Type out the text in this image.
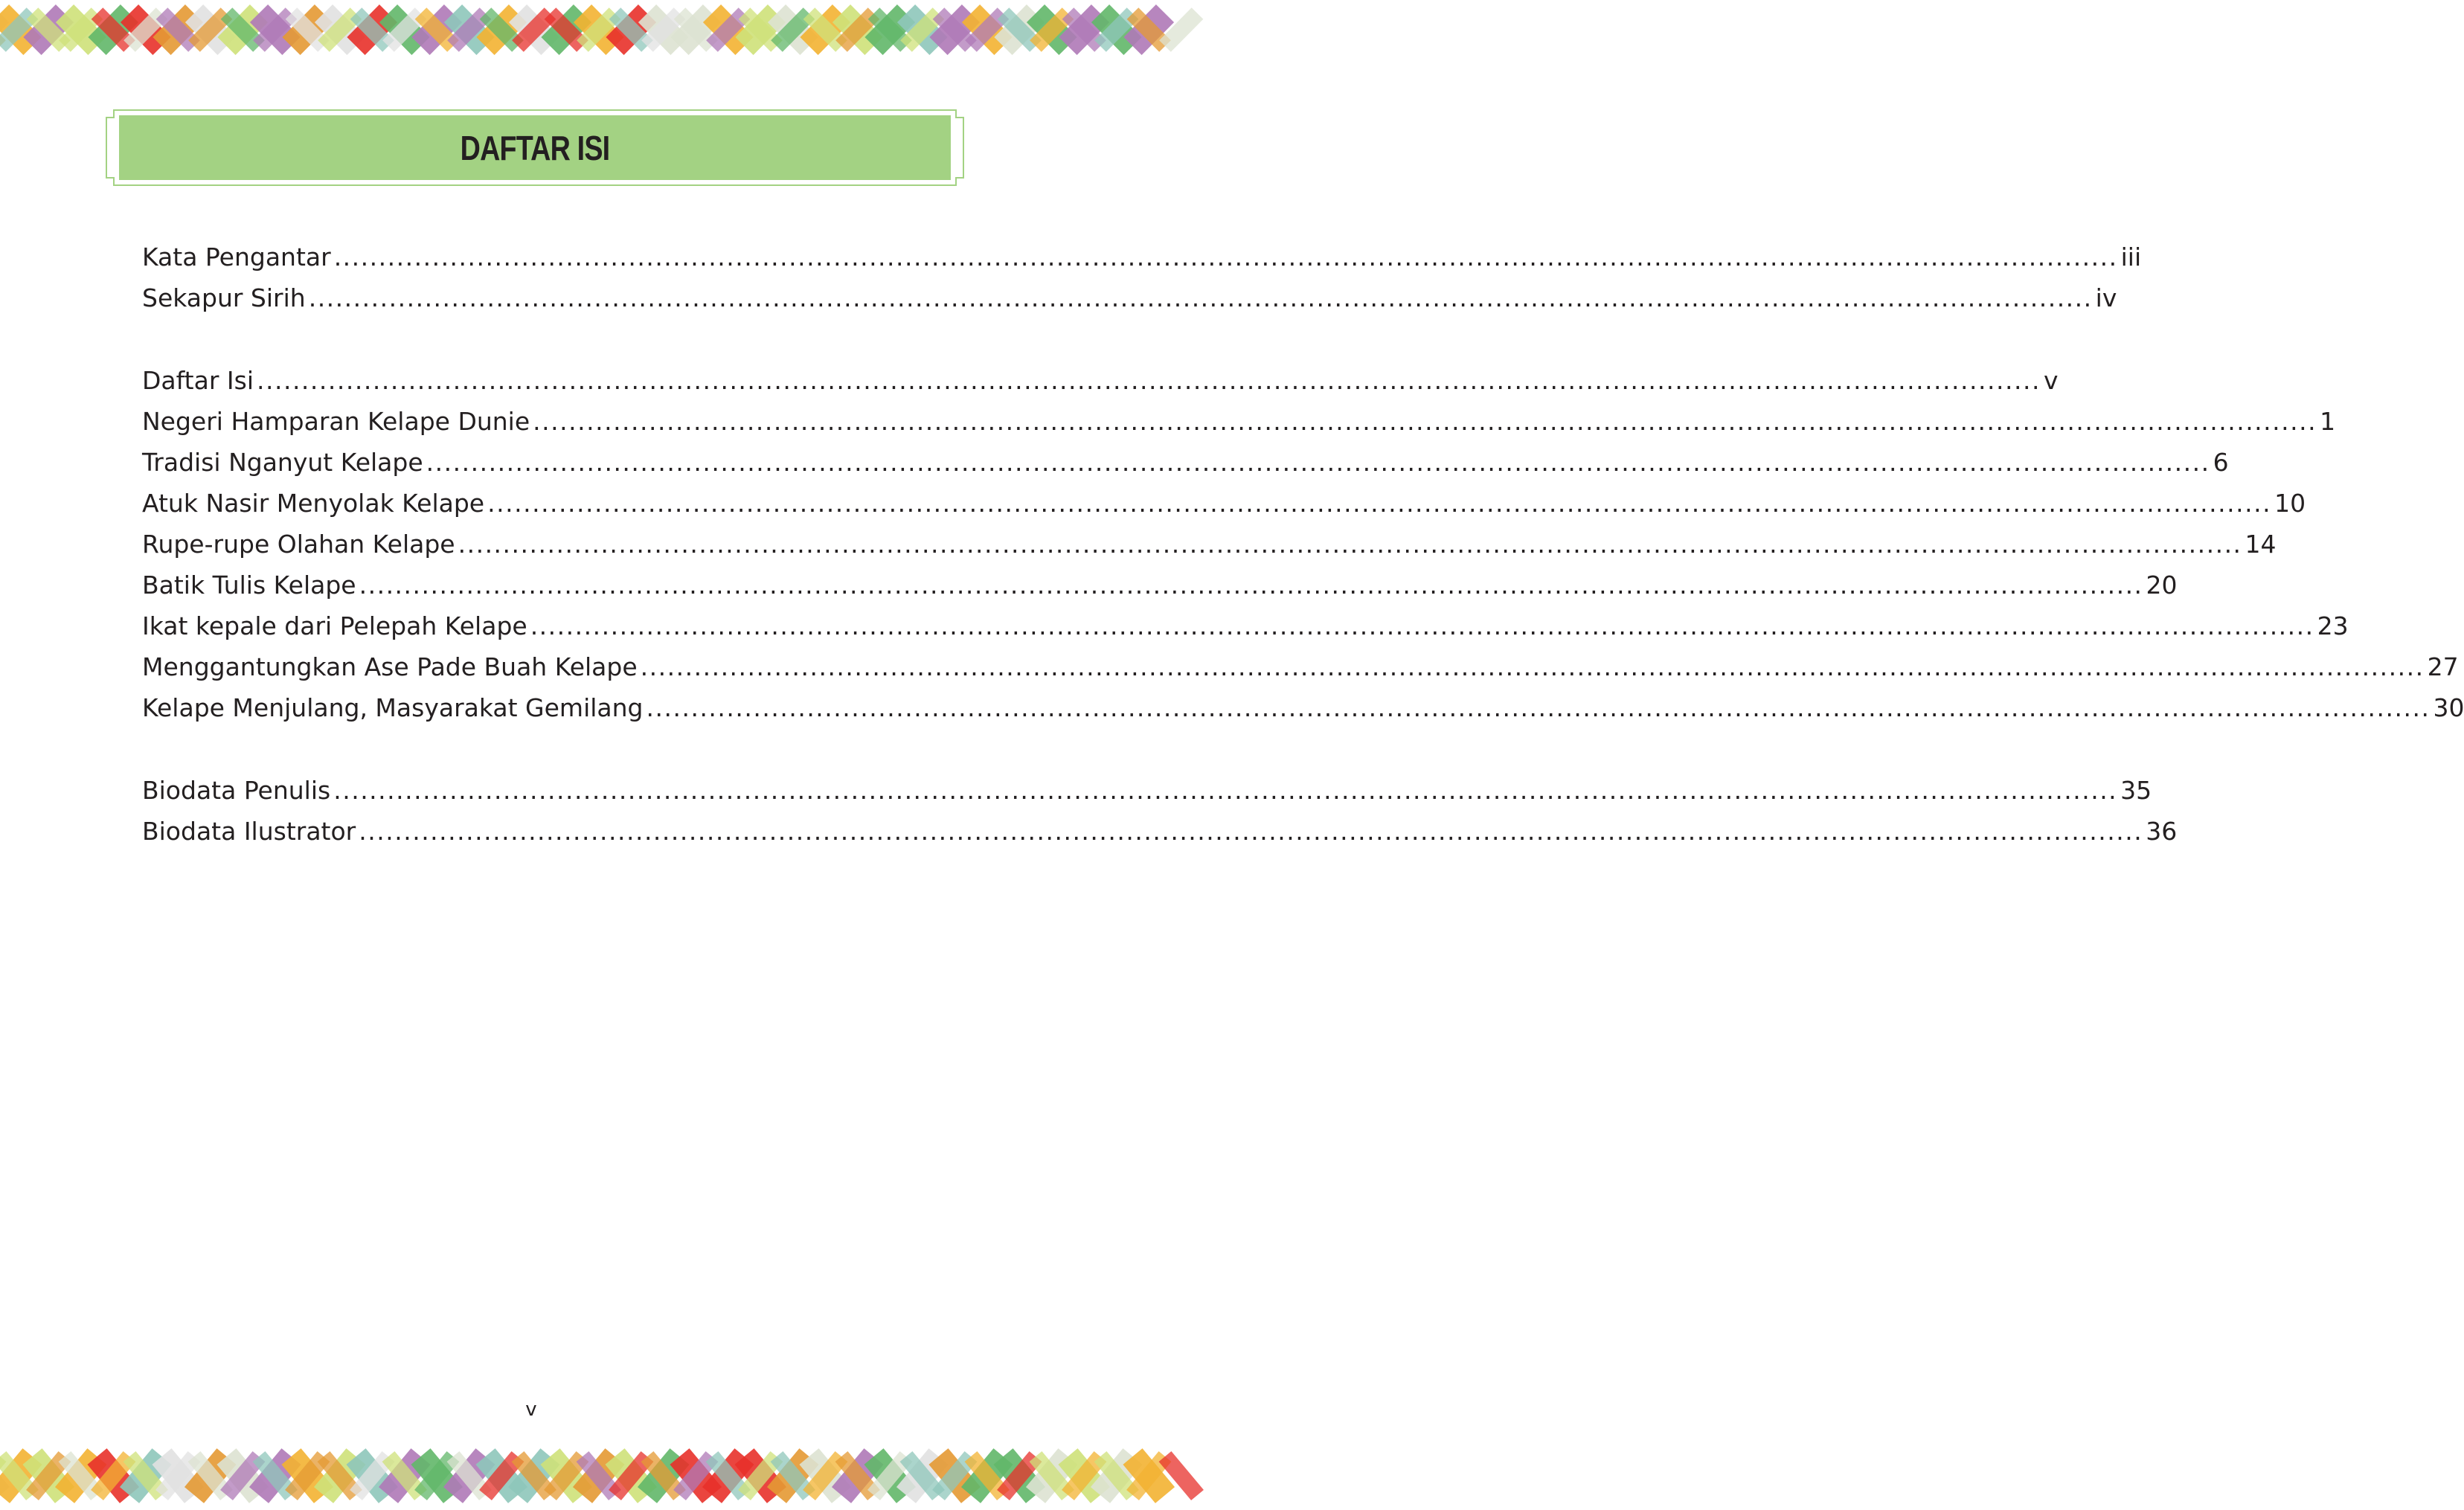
DAFTAR ISI
Kata Pengantar ........................................................................................................................................................................................................ iii
Sekapur Sirih ........................................................................................................................................................................................................ iv
Daftar Isi ........................................................................................................................................................................................................ v
Negeri Hamparan Kelape Dunie ........................................................................................................................................................................................................ 1
Tradisi Nganyut Kelape ........................................................................................................................................................................................................ 6
Atuk Nasir Menyolak Kelape ........................................................................................................................................................................................................ 10
Rupe-rupe Olahan Kelape ........................................................................................................................................................................................................ 14
Batik Tulis Kelape ........................................................................................................................................................................................................ 20
Ikat kepale dari Pelepah Kelape ........................................................................................................................................................................................................ 23
Menggantungkan Ase Pade Buah Kelape ........................................................................................................................................................................................................ 27
Kelape Menjulang, Masyarakat Gemilang ........................................................................................................................................................................................................ 30
Biodata Penulis ........................................................................................................................................................................................................ 35
Biodata Ilustrator ........................................................................................................................................................................................................ 36
v
